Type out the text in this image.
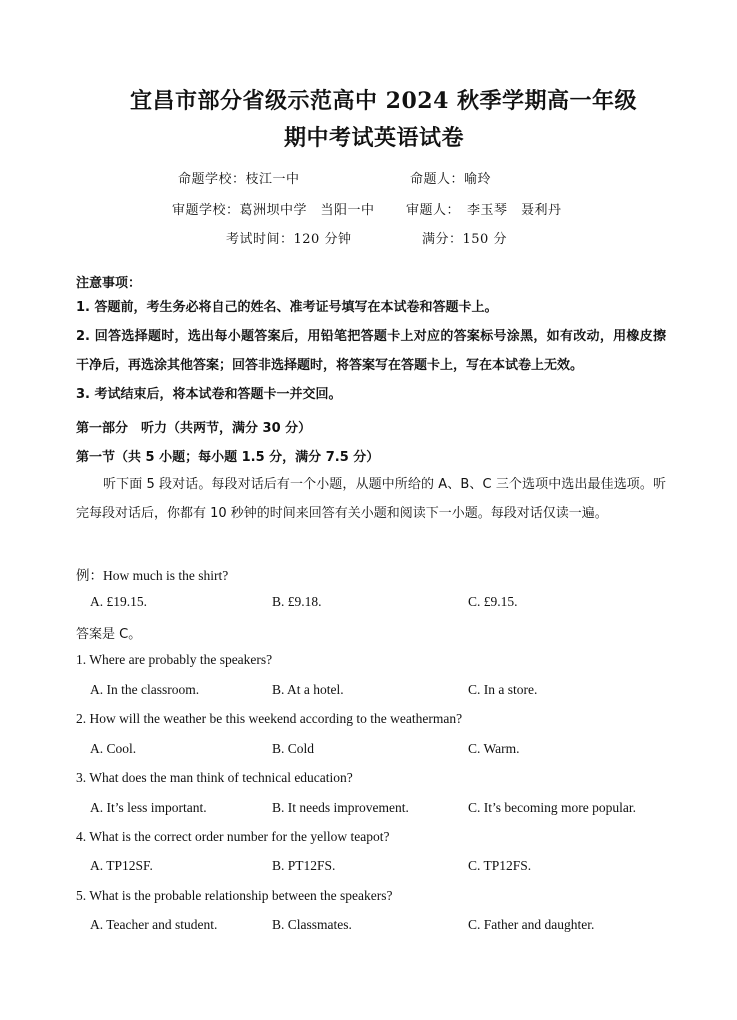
宜昌市部分省级示范高中 2024 秋季学期高一年级
期中考试英语试卷
命题学校：枝江一中	命题人：喻玲
审题学校：葛洲坝中学　当阳一中 审题人：　李玉琴　聂利丹
考试时间：120 分钟	满分：150 分
注意事项：
1. 答题前，考生务必将自己的姓名、准考证号填写在本试卷和答题卡上。
2. 回答选择题时，选出每小题答案后，用铅笔把答题卡上对应的答案标号涂黑，如有改动，用橡皮擦干净后，再选涂其他答案；回答非选择题时，将答案写在答题卡上，写在本试卷上无效。
3. 考试结束后，将本试卷和答题卡一并交回。
第一部分　听力（共两节，满分 30 分）
第一节（共 5 小题；每小题 1.5 分，满分 7.5 分）
听下面 5 段对话。每段对话后有一个小题，从题中所给的 A、B、C 三个选项中选出最佳选项。听完每段对话后，你都有 10 秒钟的时间来回答有关小题和阅读下一小题。每段对话仅读一遍。
例：How much is the shirt?
A. £19.15.	B. £9.18.	C. £9.15.
答案是 C。
1. Where are probably the speakers?
A. In the classroom.	B. At a hotel.	C. In a store.
2. How will the weather be this weekend according to the weatherman?
A. Cool.	B. Cold	C. Warm.
3. What does the man think of technical education?
A. It’s less important.	B. It needs improvement.	C. It’s becoming more popular.
4. What is the correct order number for the yellow teapot?
A. TP12SF.	B. PT12FS.	C. TP12FS.
5. What is the probable relationship between the speakers?
A. Teacher and student.	B. Classmates.	C. Father and daughter.
